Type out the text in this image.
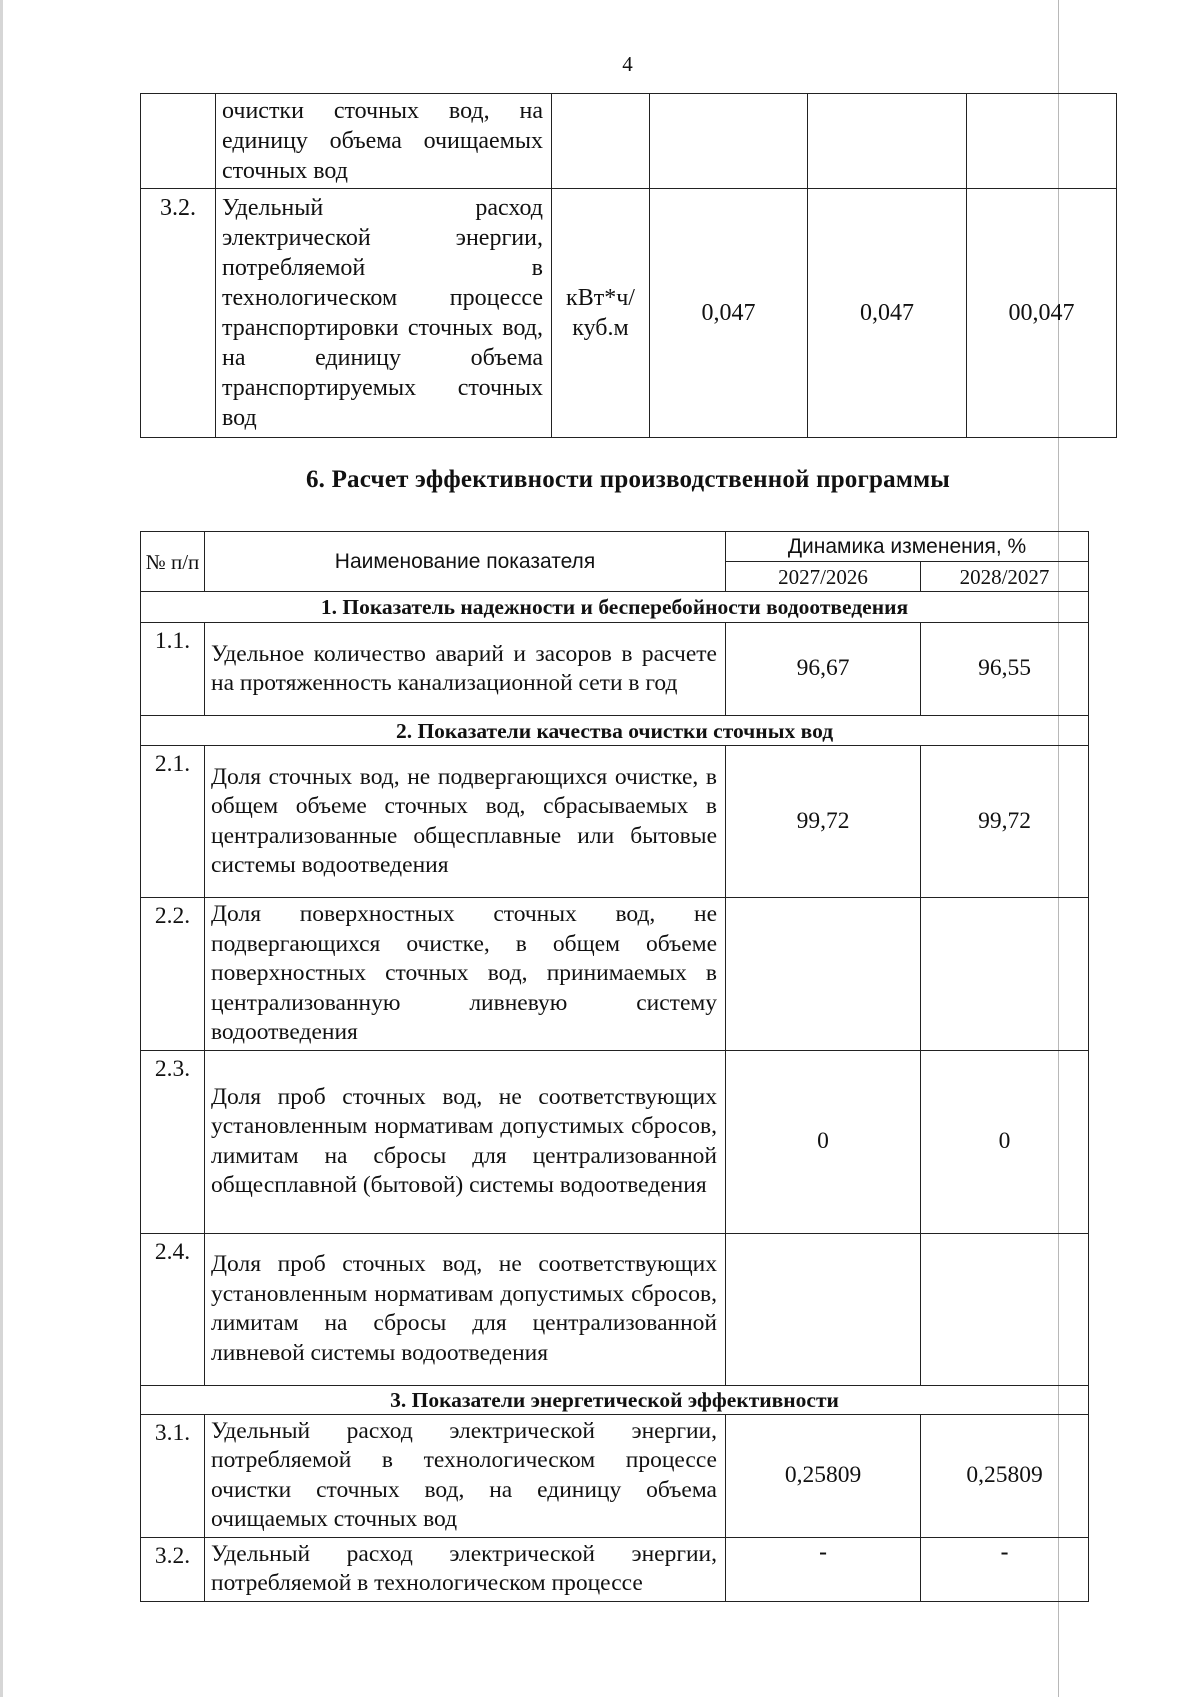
4
	очистки сточных вод, на единицу объема очищаемых сточных вод				
3.2.	Удельный расход электрической энергии, потребляемой в технологическом процессе транспортировки сточных вод, на единицу объема транспортируемых сточных вод	кВт*ч/ куб.м	0,047	0,047	00,047
6. Расчет эффективности производственной программы
№ п/п	Наименование показателя	Динамика изменения, %	
		2027/2026	2028/2027
1. Показатель надежности и бесперебойности водоотведения			
1.1.	Удельное количество аварий и засоров в расчете на протяженность канализационной сети в год	96,67	96,55
2. Показатели качества очистки сточных вод			
2.1.	Доля сточных вод, не подвергающихся очистке, в общем объеме сточных вод, сбрасываемых в централизованные общесплавные или бытовые системы водоотведения	99,72	99,72
2.2.	Доля поверхностных сточных вод, не подвергающихся очистке, в общем объеме поверхностных сточных вод, принимаемых в централизованную ливневую систему водоотведения		
2.3.	Доля проб сточных вод, не соответствующих установленным нормативам допустимых сбросов, лимитам на сбросы для централизованной общесплавной (бытовой) системы водоотведения	0	0
2.4.	Доля проб сточных вод, не соответствующих установленным нормативам допустимых сбросов, лимитам на сбросы для централизованной ливневой системы водоотведения		
3. Показатели энергетической эффективности			
3.1.	Удельный расход электрической энергии, потребляемой в технологическом процессе очистки сточных вод, на единицу объема очищаемых сточных вод	0,25809	0,25809
3.2.	Удельный расход электрической энергии, потребляемой в технологическом процессе	-	-
